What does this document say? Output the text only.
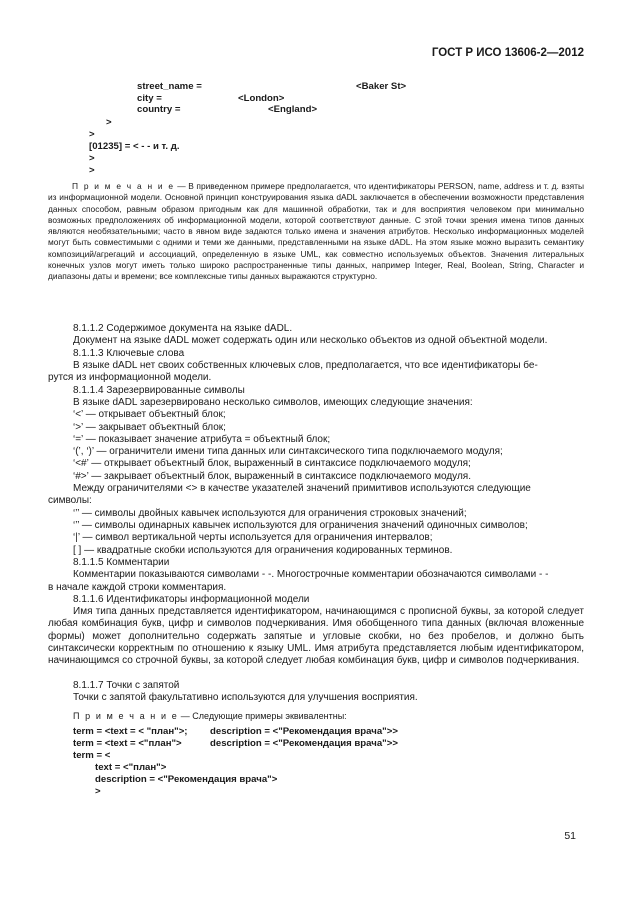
ГОСТ Р ИСО 13606-2—2012
street_name =	<Baker St>
city =	<London>
country =	<England>
>
>
[01235] = < - - и т. д.
>
>

П р и м е ч а н и е — В приведенном примере предполагается, что идентификаторы PERSON, name, address и т. д. взяты из информационной модели. Основной принцип конструирования языка dADL заключается в обеспечении возможности представления данных способом, равным образом пригодным как для машинной обработки, так и для восприятия человеком при минимально возможных предположениях об информационной модели, которой соответствуют данные. С этой точки зрения имена типов данных являются необязательными; часто в явном виде задаются только имена и значения атрибутов. Несколько информационных моделей могут быть совместимыми с одними и теми же данными, представленными на языке dADL. На этом языке можно выразить семантику композиций/агрегаций и ассоциаций, определенную в языке UML, как совместно используемых объектов. Значения литеральных конечных узлов могут иметь только широко распространенные типы данных, например Integer, Real, Boolean, String, Character и диапазоны даты и времени; все комплексные типы данных выражаются структурно.

8.1.1.2 Содержимое документа на языке dADL.
Документ на языке dADL может содержать один или несколько объектов из одной объектной модели.
8.1.1.3 Ключевые слова
В языке dADL нет своих собственных ключевых слов, предполагается, что все идентификаторы бе-
рутся из информационной модели.
8.1.1.4 Зарезервированные символы
В языке dADL зарезервировано несколько символов, имеющих следующие значения:
‘<’ — открывает объектный блок;
‘>’ — закрывает объектный блок;
‘=’ — показывает значение атрибута = объектный блок;
‘(’, ‘)’ — ограничители имени типа данных или синтаксического типа подключаемого модуля;
‘<#’ — открывает объектный блок, выраженный в синтаксисе подключаемого модуля;
‘#>’ — закрывает объектный блок, выраженный в синтаксисе подключаемого модуля.
Между ограничителями <> в качестве указателей значений примитивов используются следующие
символы:
‘’’ — символы двойных кавычек используются для ограничения строковых значений;
‘’’ — символы одинарных кавычек используются для ограничения значений одиночных символов;
‘|’ — символ вертикальной черты используется для ограничения интервалов;
[ ] — квадратные скобки используются для ограничения кодированных терминов.
8.1.1.5 Комментарии
Комментарии показываются символами - -. Многострочные комментарии обозначаются символами - -
в начале каждой строки комментария.
8.1.1.6 Идентификаторы информационной модели
Имя типа данных представляется идентификатором, начинающимся с прописной буквы, за которой следует любая комбинация букв, цифр и символов подчеркивания. Имя обобщенного типа данных (включая вложенные формы) может дополнительно содержать запятые и угловые скобки, но без пробелов, и должно быть синтаксически корректным по отношению к языку UML. Имя атрибута представляется любым идентификатором, начинающимся со строчной буквы, за которой следует любая комбинация букв, цифр и символов подчеркивания.
8.1.1.7 Точки с запятой
Точки с запятой факультативно используются для улучшения восприятия.
П р и м е ч а н и е — Следующие примеры эквивалентны:
term = <text = < "план">; description = <"Рекомендация врача">>
term = <text = <"план">	description = <"Рекомендация врача">>
term = <
text = <"план">
description = <"Рекомендация врача">
>
51
